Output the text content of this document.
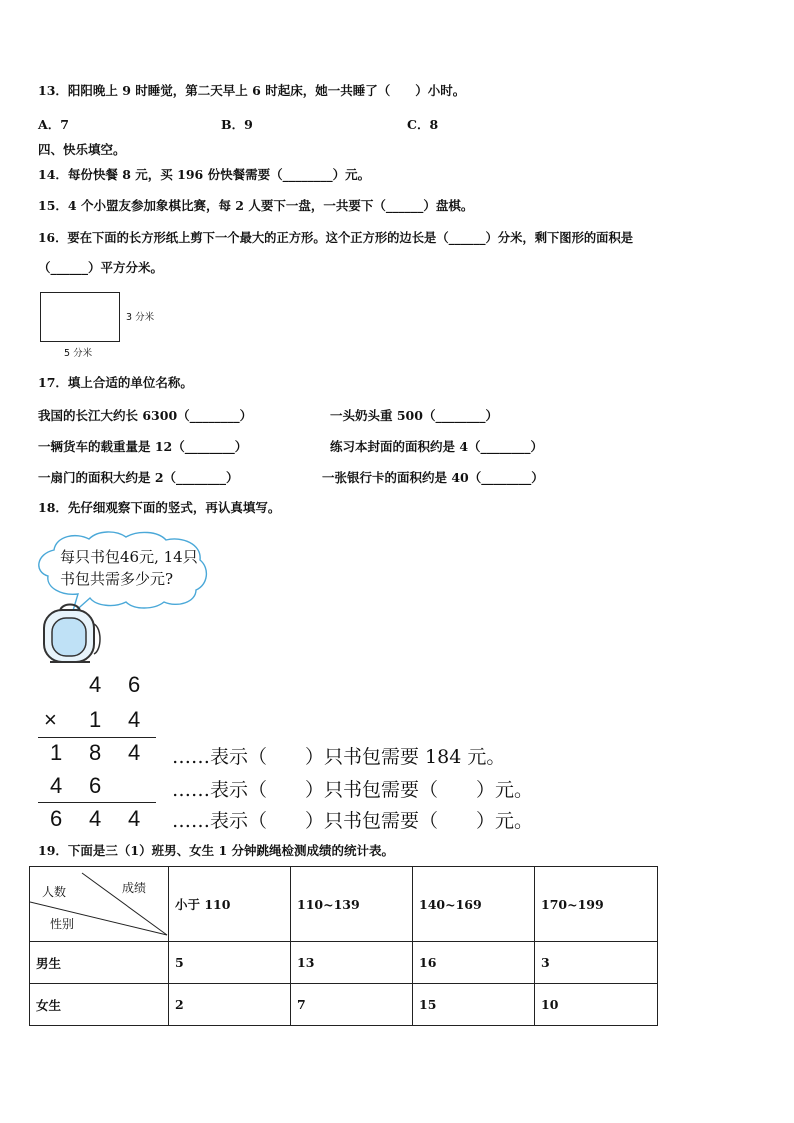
13．阳阳晚上 9 时睡觉，第二天早上 6 时起床，她一共睡了（　　）小时。
A．7	B．9	C．8
四、快乐填空。
14．每份快餐 8 元，买 196 份快餐需要（________）元。
15．4 个小盟友参加象棋比赛，每 2 人要下一盘，一共要下（______）盘棋。
16．要在下面的长方形纸上剪下一个最大的正方形。这个正方形的边长是（______）分米，剩下图形的面积是
（______）平方分米。
3 分米
5 分米
17．填上合适的单位名称。
我国的长江大约长 6300（________）	一头奶头重 500（________）
一辆货车的载重量是 12（________）	练习本封面的面积约是 4（________）
一扇门的面积大约是 2（________）	一张银行卡的面积约是 40（________）
18．先仔细观察下面的竖式，再认真填写。
每只书包46元, 14只
书包共需多少元?
4 6
× 1 4
1 8 4 ……表示（　　）只书包需要 184 元。
4 6	……表示（　　）只书包需要（　　）元。
6 4 4 ……表示（　　）只书包需要（　　）元。
19．下面是三（1）班男、女生 1 分钟跳绳检测成绩的统计表。
成绩
人数
性别	小于 110	110~139	140~169	170~199
男生	5	13	16	3
女生	2	7	15	10
